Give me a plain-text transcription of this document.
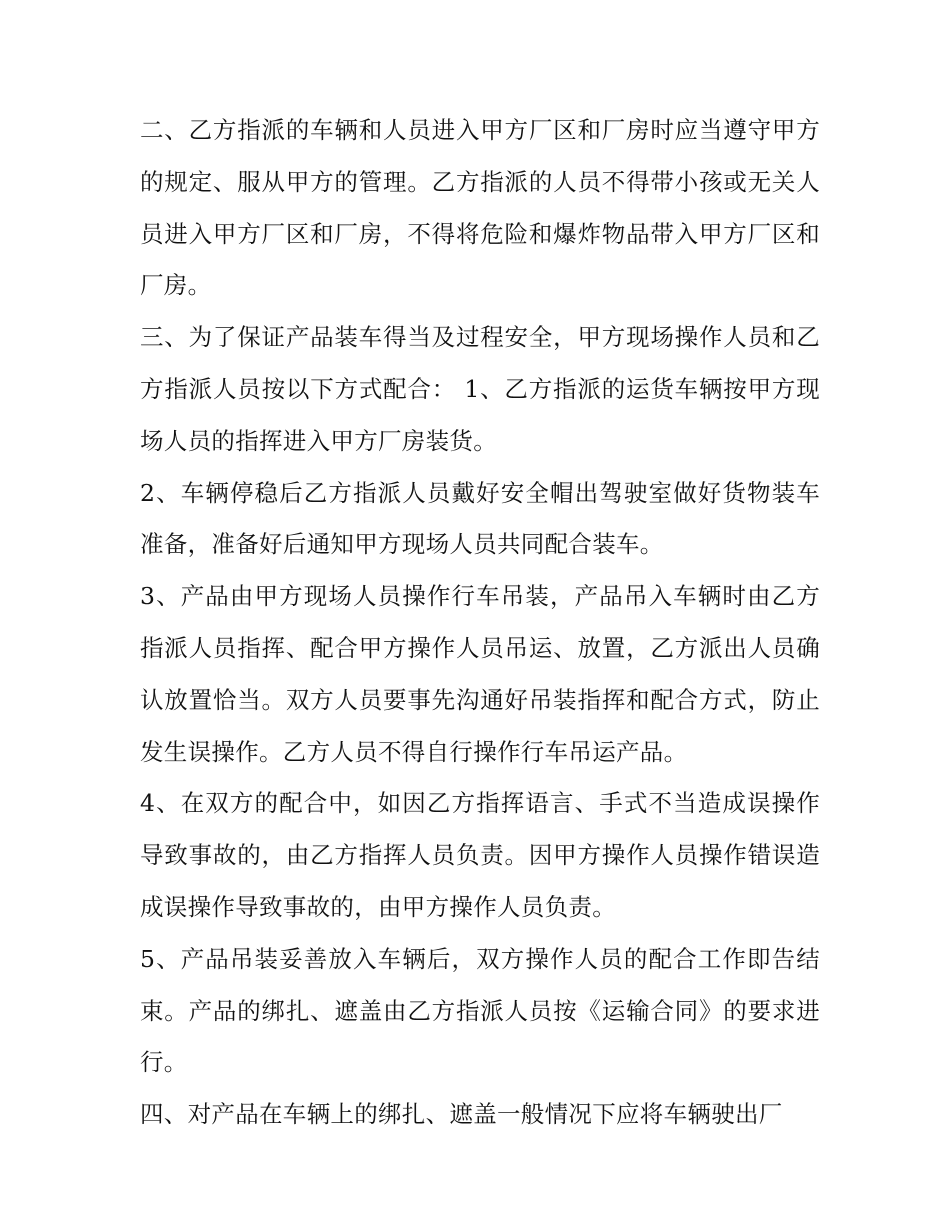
二、乙方指派的车辆和人员进入甲方厂区和厂房时应当遵守甲方的规定、服从甲方的管理。乙方指派的人员不得带小孩或无关人员进入甲方厂区和厂房，不得将危险和爆炸物品带入甲方厂区和厂房。

三、为了保证产品装车得当及过程安全，甲方现场操作人员和乙方指派人员按以下方式配合： 1、乙方指派的运货车辆按甲方现场人员的指挥进入甲方厂房装货。

2、车辆停稳后乙方指派人员戴好安全帽出驾驶室做好货物装车准备，准备好后通知甲方现场人员共同配合装车。

3、产品由甲方现场人员操作行车吊装，产品吊入车辆时由乙方指派人员指挥、配合甲方操作人员吊运、放置，乙方派出人员确认放置恰当。双方人员要事先沟通好吊装指挥和配合方式，防止发生误操作。乙方人员不得自行操作行车吊运产品。

4、在双方的配合中，如因乙方指挥语言、手式不当造成误操作导致事故的，由乙方指挥人员负责。因甲方操作人员操作错误造成误操作导致事故的，由甲方操作人员负责。

5、产品吊装妥善放入车辆后，双方操作人员的配合工作即告结束。产品的绑扎、遮盖由乙方指派人员按《运输合同》的要求进行。

四、对产品在车辆上的绑扎、遮盖一般情况下应将车辆驶出厂
